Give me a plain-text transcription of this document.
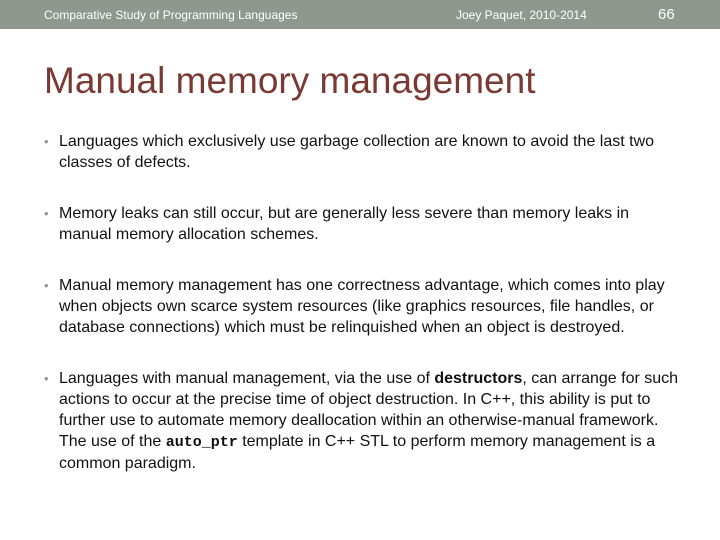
Comparative Study of Programming Languages	Joey Paquet, 2010-2014	66
Manual memory management
• Languages which exclusively use garbage collection are known to avoid the last two classes of defects.
• Memory leaks can still occur, but are generally less severe than memory leaks in manual memory allocation schemes.
• Manual memory management has one correctness advantage, which comes into play when objects own scarce system resources (like graphics resources, file handles, or database connections) which must be relinquished when an object is destroyed.
• Languages with manual management, via the use of destructors, can arrange for such actions to occur at the precise time of object destruction. In C++, this ability is put to further use to automate memory deallocation within an otherwise-manual framework. The use of the auto_ptr template in C++ STL to perform memory management is a common paradigm.
